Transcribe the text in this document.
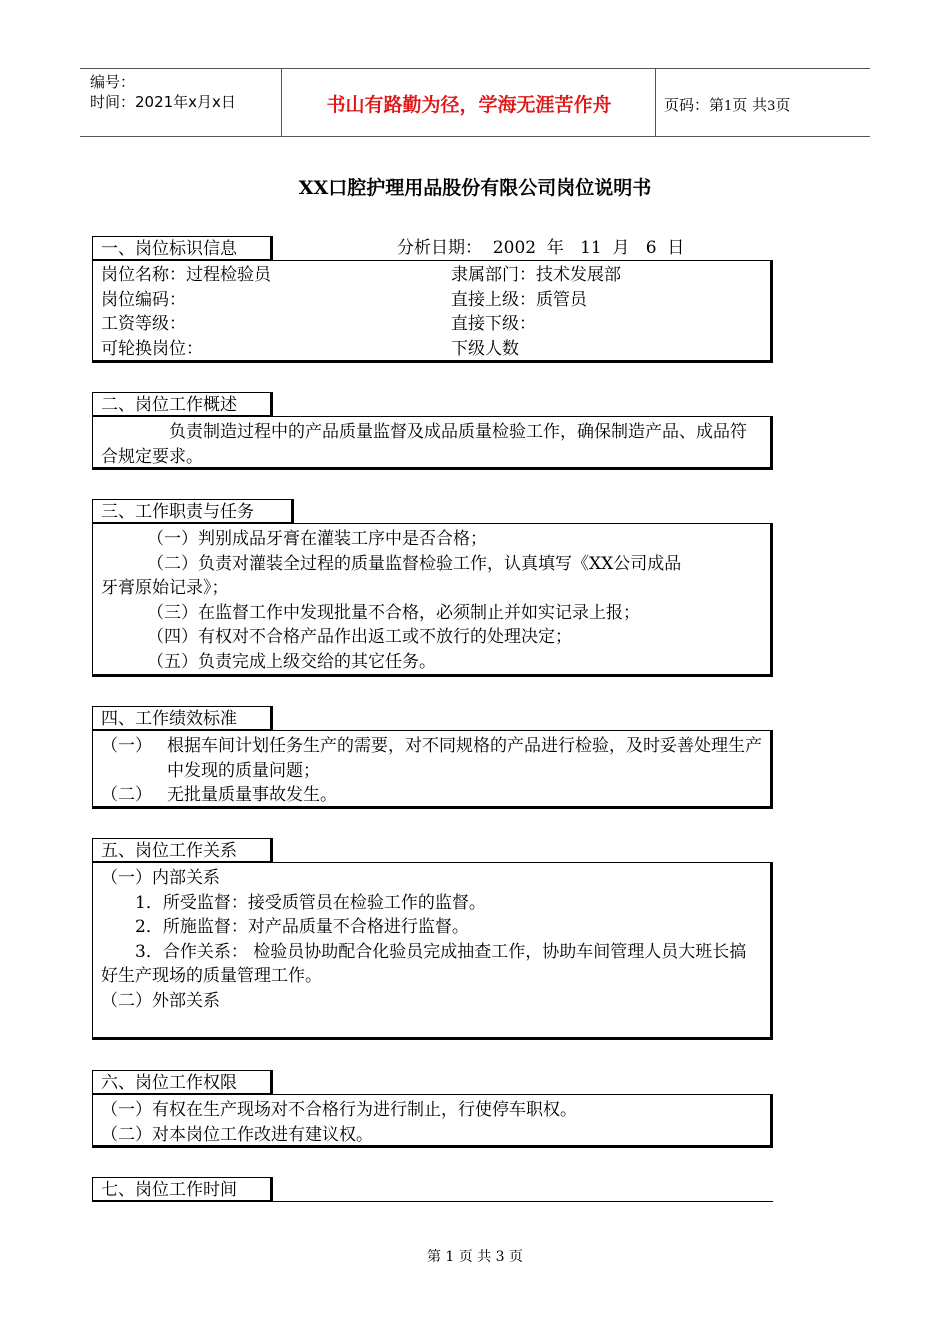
编号：
时间：2021年x月x日	书山有路勤为径，学海无涯苦作舟	页码：第1页 共3页
XX口腔护理用品股份有限公司岗位说明书
一、岗位标识信息	分析日期：  2002  年   11  月   6  日
岗位名称：过程检验员	隶属部门：技术发展部
岗位编码：	直接上级：质管员
工资等级：	直接下级：
可轮换岗位：	下级人数
二、岗位工作概述
负责制造过程中的产品质量监督及成品质量检验工作，确保制造产品、成品符合规定要求。
三、工作职责与任务
（一）判别成品牙膏在灌装工序中是否合格；
（二）负责对灌装全过程的质量监督检验工作，认真填写《XX公司成品
牙膏原始记录》；
（三）在监督工作中发现批量不合格，必须制止并如实记录上报；
（四）有权对不合格产品作出返工或不放行的处理决定；
（五）负责完成上级交给的其它任务。
四、工作绩效标准
（一） 根据车间计划任务生产的需要，对不同规格的产品进行检验，及时妥善处理生产中发现的质量问题；
（二） 无批量质量事故发生。
五、岗位工作关系
（一）内部关系
1．所受监督：接受质管员在检验工作的监督。
2．所施监督：对产品质量不合格进行监督。
3．合作关系： 检验员协助配合化验员完成抽查工作，协助车间管理人员大班长搞好生产现场的质量管理工作。
（二）外部关系
六、岗位工作权限
（一）有权在生产现场对不合格行为进行制止，行使停车职权。
（二）对本岗位工作改进有建议权。
七、岗位工作时间
第 1 页 共 3 页
